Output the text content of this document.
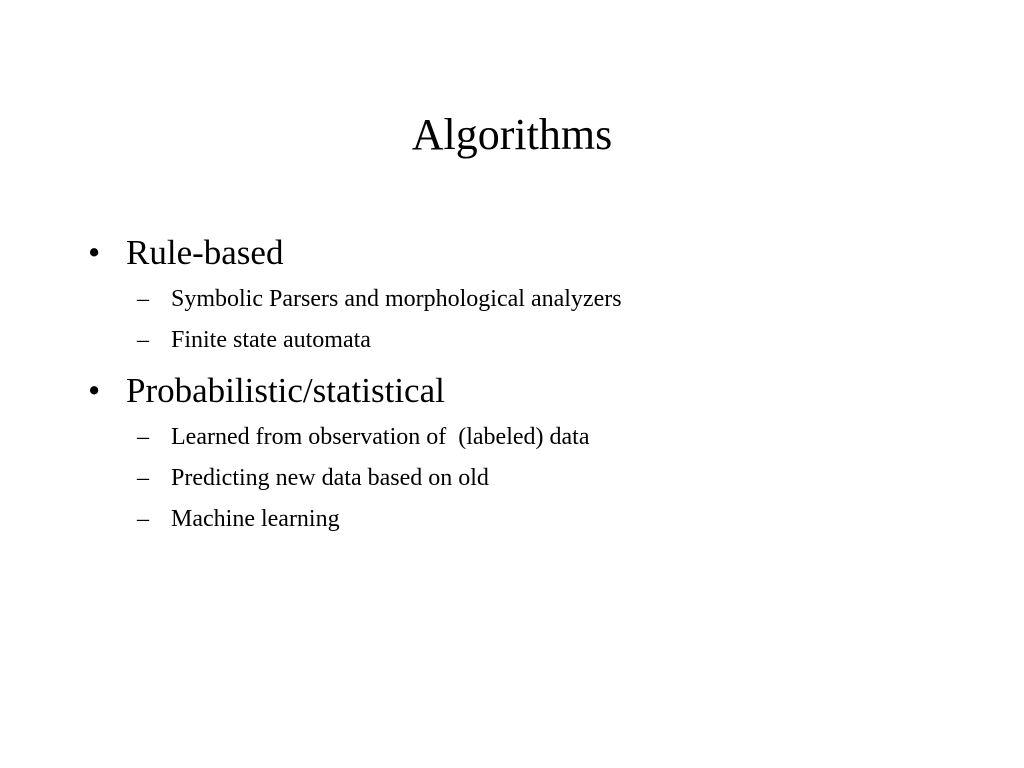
Algorithms
• Rule-based
– Symbolic Parsers and morphological analyzers
– Finite state automata
• Probabilistic/statistical
– Learned from observation of  (labeled) data
– Predicting new data based on old
– Machine learning
